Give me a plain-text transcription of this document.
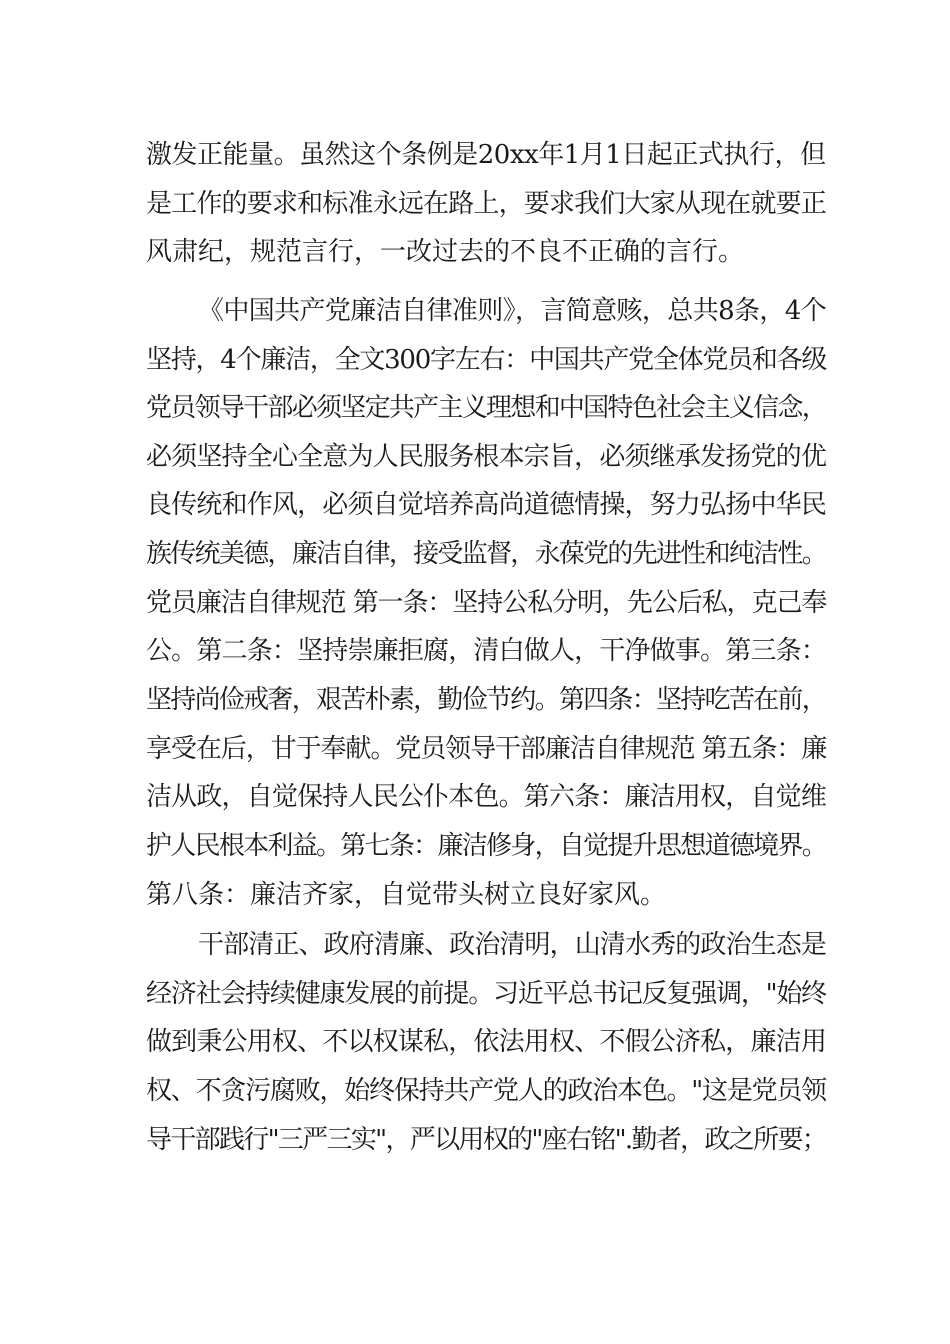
激发正能量。虽然这个条例是20xx年1月1日起正式执行，但
是工作的要求和标准永远在路上，要求我们大家从现在就要正
风肃纪，规范言行，一改过去的不良不正确的言行。
《中国共产党廉洁自律准则》，言简意赅，总共8条，4个
坚持，4个廉洁，全文300字左右：中国共产党全体党员和各级
党员领导干部必须坚定共产主义理想和中国特色社会主义信念，
必须坚持全心全意为人民服务根本宗旨，必须继承发扬党的优
良传统和作风，必须自觉培养高尚道德情操，努力弘扬中华民
族传统美德，廉洁自律，接受监督，永葆党的先进性和纯洁性。
党员廉洁自律规范 第一条：坚持公私分明，先公后私，克己奉
公。第二条：坚持崇廉拒腐，清白做人，干净做事。第三条：
坚持尚俭戒奢，艰苦朴素，勤俭节约。第四条：坚持吃苦在前，
享受在后，甘于奉献。党员领导干部廉洁自律规范 第五条：廉
洁从政，自觉保持人民公仆本色。第六条：廉洁用权，自觉维
护人民根本利益。第七条：廉洁修身，自觉提升思想道德境界。
第八条：廉洁齐家，自觉带头树立良好家风。
干部清正、政府清廉、政治清明，山清水秀的政治生态是
经济社会持续健康发展的前提。习近平总书记反复强调，"始终
做到秉公用权、不以权谋私，依法用权、不假公济私，廉洁用
权、不贪污腐败，始终保持共产党人的政治本色。"这是党员领
导干部践行"三严三实"，严以用权的"座右铭".勤者，政之所要；
